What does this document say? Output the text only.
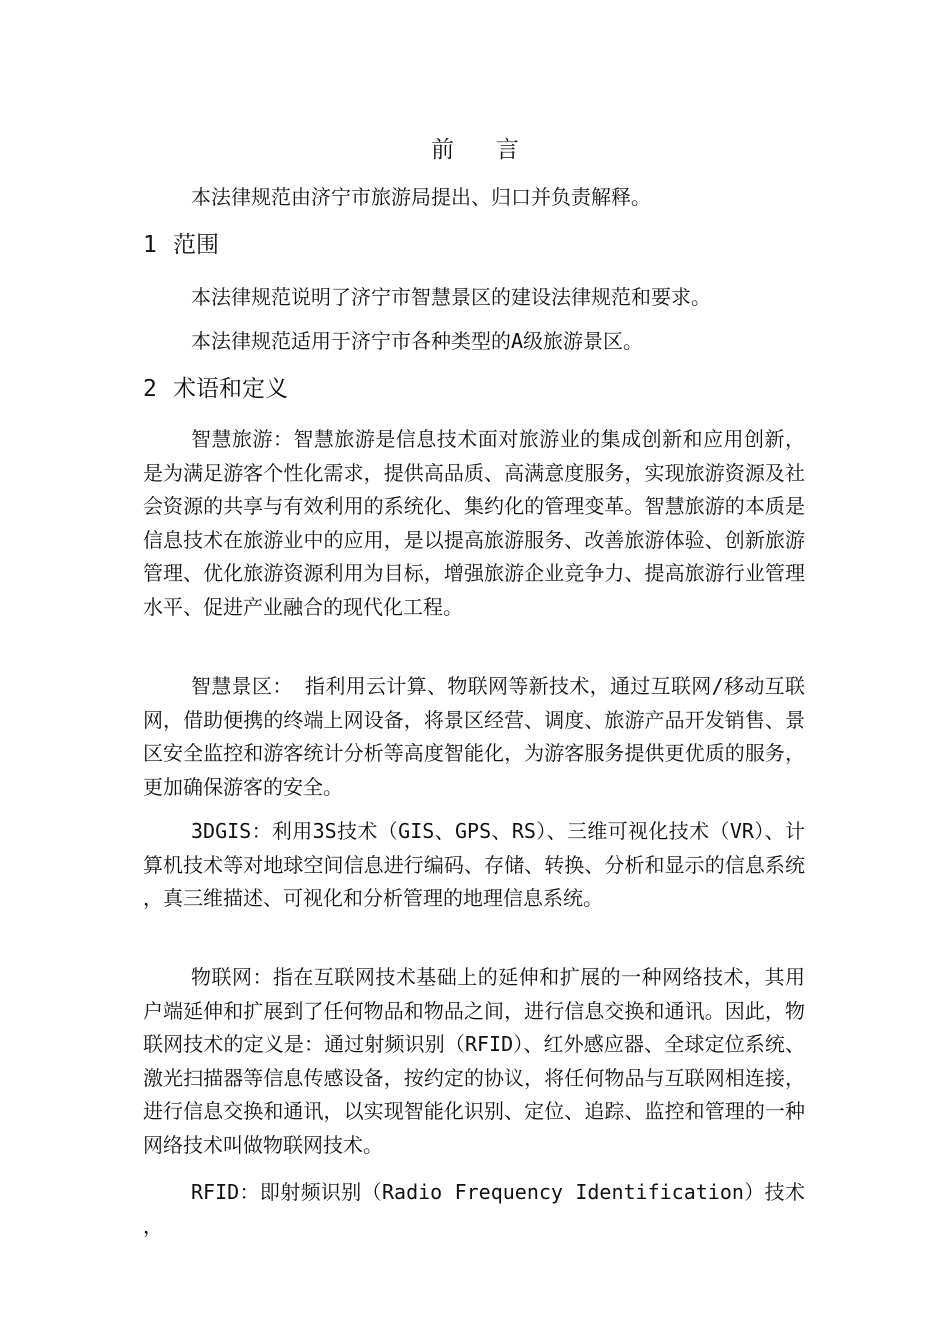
前 言
本法律规范由济宁市旅游局提出、归口并负责解释。
1 范围
本法律规范说明了济宁市智慧景区的建设法律规范和要求。
本法律规范适用于济宁市各种类型的A级旅游景区。
2 术语和定义
智慧旅游：智慧旅游是信息技术面对旅游业的集成创新和应用创新，是为满足游客个性化需求，提供高品质、高满意度服务，实现旅游资源及社会资源的共享与有效利用的系统化、集约化的管理变革。智慧旅游的本质是信息技术在旅游业中的应用，是以提高旅游服务、改善旅游体验、创新旅游管理、优化旅游资源利用为目标，增强旅游企业竞争力、提高旅游行业管理水平、促进产业融合的现代化工程。
智慧景区： 指利用云计算、物联网等新技术，通过互联网/移动互联网，借助便携的终端上网设备，将景区经营、调度、旅游产品开发销售、景区安全监控和游客统计分析等高度智能化，为游客服务提供更优质的服务，更加确保游客的安全。
3DGIS：利用3S技术（GIS、GPS、RS）、三维可视化技术（VR）、计算机技术等对地球空间信息进行编码、存储、转换、分析和显示的信息系统，真三维描述、可视化和分析管理的地理信息系统。
物联网：指在互联网技术基础上的延伸和扩展的一种网络技术，其用户端延伸和扩展到了任何物品和物品之间，进行信息交换和通讯。因此，物联网技术的定义是：通过射频识别（RFID）、红外感应器、全球定位系统、激光扫描器等信息传感设备，按约定的协议，将任何物品与互联网相连接，进行信息交换和通讯，以实现智能化识别、定位、追踪、监控和管理的一种网络技术叫做物联网技术。
RFID：即射频识别（Radio Frequency Identification）技术，
